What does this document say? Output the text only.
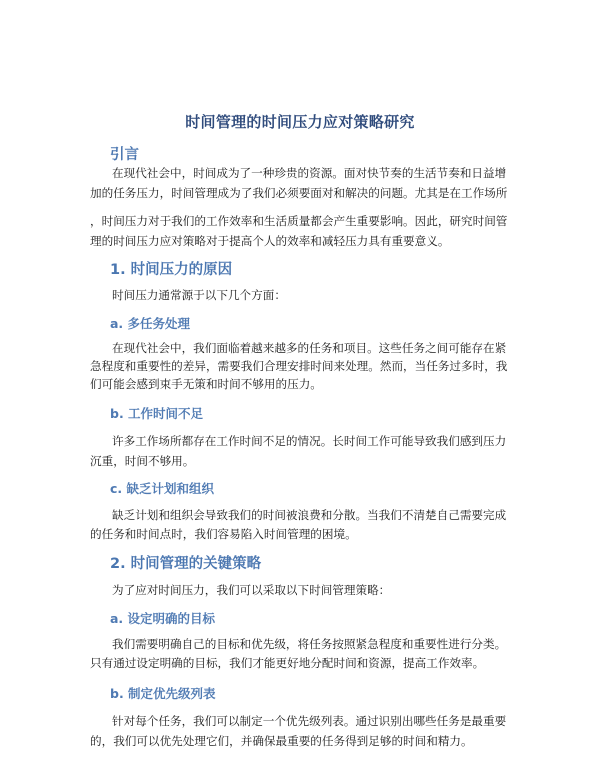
时间管理的时间压力应对策略研究
引言
在现代社会中，时间成为了一种珍贵的资源。面对快节奏的生活节奏和日益增
加的任务压力，时间管理成为了我们必须要面对和解决的问题。尤其是在工作场所
，时间压力对于我们的工作效率和生活质量都会产生重要影响。因此，研究时间管
理的时间压力应对策略对于提高个人的效率和减轻压力具有重要意义。
1. 时间压力的原因
时间压力通常源于以下几个方面：
a. 多任务处理
在现代社会中，我们面临着越来越多的任务和项目。这些任务之间可能存在紧
急程度和重要性的差异，需要我们合理安排时间来处理。然而，当任务过多时，我
们可能会感到束手无策和时间不够用的压力。
b. 工作时间不足
许多工作场所都存在工作时间不足的情况。长时间工作可能导致我们感到压力
沉重，时间不够用。
c. 缺乏计划和组织
缺乏计划和组织会导致我们的时间被浪费和分散。当我们不清楚自己需要完成
的任务和时间点时，我们容易陷入时间管理的困境。
2. 时间管理的关键策略
为了应对时间压力，我们可以采取以下时间管理策略：
a. 设定明确的目标
我们需要明确自己的目标和优先级，将任务按照紧急程度和重要性进行分类。
只有通过设定明确的目标，我们才能更好地分配时间和资源，提高工作效率。
b. 制定优先级列表
针对每个任务，我们可以制定一个优先级列表。通过识别出哪些任务是最重要
的，我们可以优先处理它们，并确保最重要的任务得到足够的时间和精力。
